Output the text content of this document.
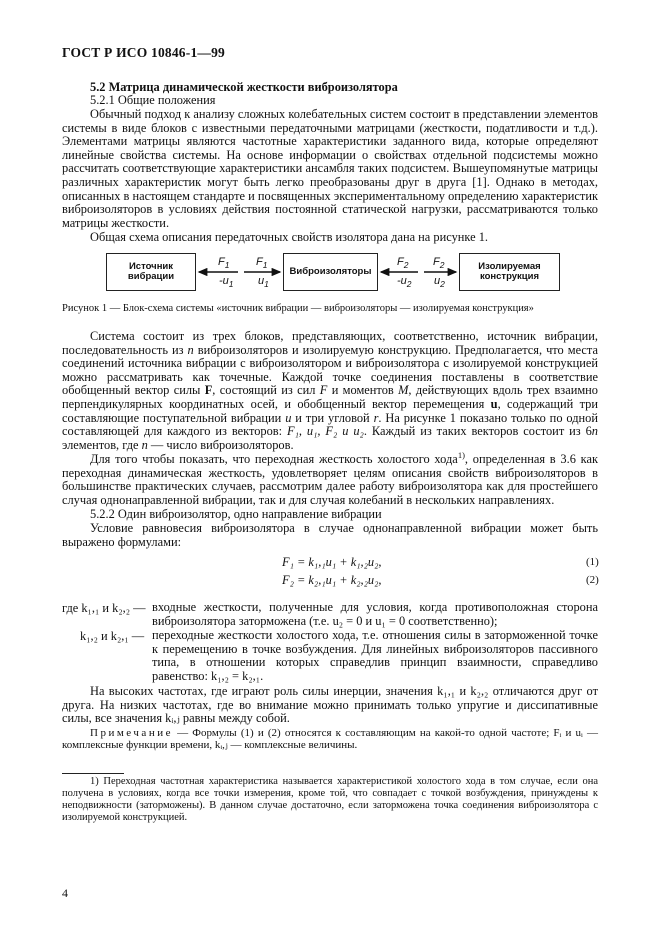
ГОСТ Р ИСО 10846-1—99
5.2 Матрица динамической жесткости виброизолятора
5.2.1 Общие положения
Обычный подход к анализу сложных колебательных систем состоит в представлении элементов системы в виде блоков с известными передаточными матрицами (жесткости, податливости и т.д.). Элементами матрицы являются частотные характеристики заданного вида, которые определяют линейные свойства системы. На основе информации о свойствах отдельной подсистемы можно рассчитать соответствующие характеристики ансамбля таких подсистем. Вышеупомянутые матрицы различных характеристик могут быть легко преобразованы друг в друга [1]. Однако в методах, описанных в настоящем стандарте и посвященных экспериментальному определению характеристик виброизоляторов в условиях действия постоянной статической нагрузки, рассматриваются только матрицы жесткости.
Общая схема описания передаточных свойств изолятора дана на рисунке 1.
Источник вибрации	Виброизоляторы	Изолируемая конструкция
$F_1$
$-u_1$
$F_1$
$u_1$
$F_2$
$-u_2$
$F_2$
$u_2$
Рисунок 1 — Блок-схема системы «источник вибрации — виброизоляторы — изолируемая конструкция»
Система состоит из трех блоков, представляющих, соответственно, источник вибрации, последовательность из n виброизоляторов и изолируемую конструкцию. Предполагается, что места соединений источника вибрации с виброизолятором и виброизолятора с изолируемой конструкцией можно рассматривать как точечные. Каждой точке соединения поставлены в соответствие обобщенный вектор силы F, состоящий из сил F и моментов M, действующих вдоль трех взаимно перпендикулярных координатных осей, и обобщенный вектор перемещения u, содержащий три составляющие поступательной вибрации u и три угловой r. На рисунке 1 показано только по одной составляющей для каждого из векторов: F₁, u₁, F₂ и u₂. Каждый из таких векторов состоит из 6n элементов, где n — число виброизоляторов.
Для того чтобы показать, что переходная жесткость холостого хода$^{1)}$, определенная в 3.6 как переходная динамическая жесткость, удовлетворяет целям описания свойств виброизоляторов в большинстве практических случаев, рассмотрим далее работу виброизолятора как для простейшего случая однонаправленной вибрации, так и для случая колебаний в нескольких направлениях.
5.2.2 Один виброизолятор, одно направление вибрации
Условие равновесия виброизолятора в случае однонаправленной вибрации может быть выражено формулами:
F₁ = k₁,₁u₁ + k₁,₂u₂,	(1)
F₂ = k₂,₁u₁ + k₂,₂u₂,	(2)
где k₁,₁ и k₂,₂ — входные жесткости, полученные для условия, когда противоположная сторона виброизолятора заторможена (т.е. u₂ = 0 и u₁ = 0 соответственно);
k₁,₂ и k₂,₁ — переходные жесткости холостого хода, т.е. отношения силы в заторможенной точке к перемещению в точке возбуждения. Для линейных виброизоляторов пассивного типа, в отношении которых справедлив принцип взаимности, справедливо равенство: k₁,₂ = k₂,₁.
На высоких частотах, где играют роль силы инерции, значения k₁,₁ и k₂,₂ отличаются друг от друга. На низких частотах, где во внимание можно принимать только упругие и диссипативные силы, все значения kᵢ,ⱼ равны между собой.
Примечание — Формулы (1) и (2) относятся к составляющим на какой-то одной частоте; Fᵢ и uᵢ — комплексные функции времени, kᵢ,ⱼ — комплексные величины.
1) Переходная частотная характеристика называется характеристикой холостого хода в том случае, если она получена в условиях, когда все точки измерения, кроме той, что совпадает с точкой возбуждения, принуждены к неподвижности (заторможены). В данном случае достаточно, если заторможена точка соединения виброизолятора с изолируемой конструкцией.
4
